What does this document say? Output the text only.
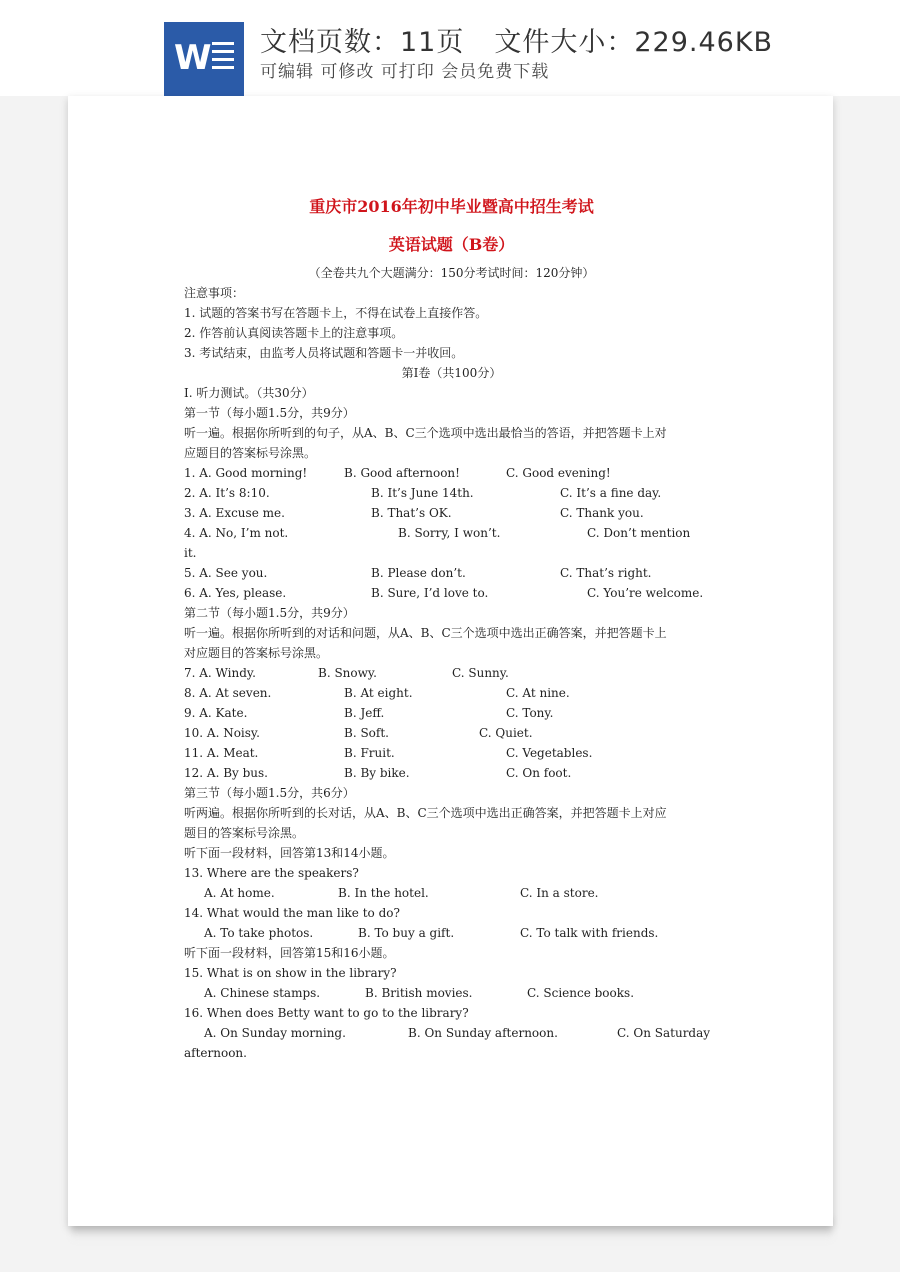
W 文档页数：11页 文件大小：229.46KB
可编辑 可修改 可打印 会员免费下载
重庆市2016年初中毕业暨高中招生考试
英语试题（B卷）
（全卷共九个大题满分：150分考试时间：120分钟）
注意事项：
1. 试题的答案书写在答题卡上，不得在试卷上直接作答。
2. 作答前认真阅读答题卡上的注意事项。
3. 考试结束，由监考人员将试题和答题卡一并收回。
第Ⅰ卷（共100分）
Ⅰ. 听力测试。（共30分）
第一节（每小题1.5分，共9分）
听一遍。根据你所听到的句子，从A、B、C三个选项中选出最恰当的答语，并把答题卡上对
应题目的答案标号涂黑。
1. A. Good morning!	B. Good afternoon!	C. Good evening!
2. A. It’s 8:10.	B. It’s June 14th.	C. It’s a fine day.
3. A. Excuse me.	B. That’s OK.	C. Thank you.
4. A. No, I’m not.	B. Sorry, I won’t.	C. Don’t mention
it.
5. A. See you.	B. Please don’t.	C. That’s right.
6. A. Yes, please.	B. Sure, I’d love to.	C. You’re welcome.
第二节（每小题1.5分，共9分）
听一遍。根据你所听到的对话和问题，从A、B、C三个选项中选出正确答案，并把答题卡上
对应题目的答案标号涂黑。
7. A. Windy.	B. Snowy.	C. Sunny.
8. A. At seven.	B. At eight.	C. At nine.
9. A. Kate.	B. Jeff.	C. Tony.
10. A. Noisy.	B. Soft.	C. Quiet.
11. A. Meat.	B. Fruit.	C. Vegetables.
12. A. By bus.	B. By bike.	C. On foot.
第三节（每小题1.5分，共6分）
听两遍。根据你所听到的长对话，从A、B、C三个选项中选出正确答案，并把答题卡上对应
题目的答案标号涂黑。
听下面一段材料，回答第13和14小题。
13. Where are the speakers?
A. At home.	B. In the hotel.	C. In a store.
14. What would the man like to do?
A. To take photos.	B. To buy a gift.	C. To talk with friends.
听下面一段材料，回答第15和16小题。
15. What is on show in the library?
A. Chinese stamps.	B. British movies.	C. Science books.
16. When does Betty want to go to the library?
A. On Sunday morning.	B. On Sunday afternoon.	C. On Saturday
afternoon.
